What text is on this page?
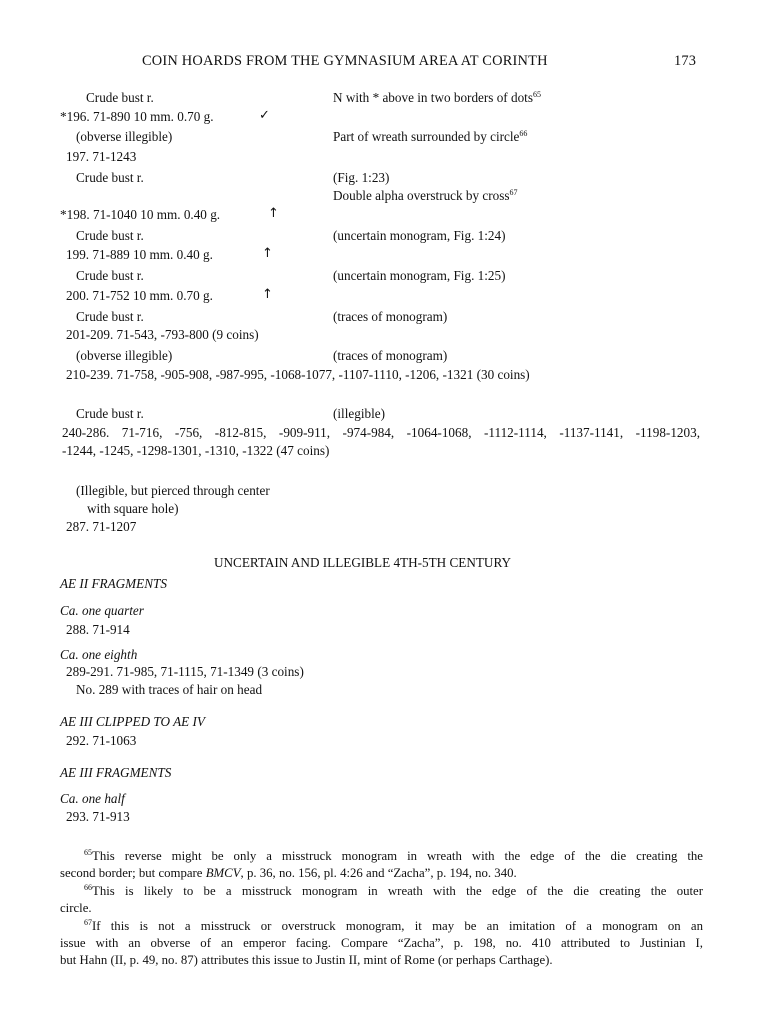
COIN HOARDS FROM THE GYMNASIUM AREA AT CORINTH	173
Crude bust r.	N with * above in two borders of dots$^{65}$
*196. 71-890 10 mm. 0.70 g.	✓
(obverse illegible)	Part of wreath surrounded by circle$^{66}$
197. 71-1243
Crude bust r.	(Fig. 1:23)
Double alpha overstruck by cross$^{67}$
*198. 71-1040 10 mm. 0.40 g.	↑
Crude bust r.	(uncertain monogram, Fig. 1:24)
199. 71-889 10 mm. 0.40 g.	↑
Crude bust r.	(uncertain monogram, Fig. 1:25)
200. 71-752 10 mm. 0.70 g.	↑
Crude bust r.	(traces of monogram)
201-209. 71-543, -793-800 (9 coins)
(obverse illegible)	(traces of monogram)
210-239. 71-758, -905-908, -987-995, -1068-1077, -1107-1110, -1206, -1321 (30 coins)
Crude bust r.	(illegible)
240-286. 71-716, -756, -812-815, -909-911, -974-984, -1064-1068, -1112-1114, -1137-1141, -1198-1203,
-1244, -1245, -1298-1301, -1310, -1322 (47 coins)
(Illegible, but pierced through center
with square hole)
287. 71-1207
UNCERTAIN AND ILLEGIBLE 4TH-5TH CENTURY
AE II FRAGMENTS
Ca. one quarter
288. 71-914
Ca. one eighth
289-291. 71-985, 71-1115, 71-1349 (3 coins)
No. 289 with traces of hair on head
AE III CLIPPED TO AE IV
292. 71-1063
AE III FRAGMENTS
Ca. one half
293. 71-913
$^{65}$This reverse might be only a misstruck monogram in wreath with the edge of the die creating the
second border; but compare BMCV, p. 36, no. 156, pl. 4:26 and “Zacha”, p. 194, no. 340.
$^{66}$This is likely to be a misstruck monogram in wreath with the edge of the die creating the outer
circle.
$^{67}$If this is not a misstruck or overstruck monogram, it may be an imitation of a monogram on an
issue with an obverse of an emperor facing. Compare “Zacha”, p. 198, no. 410 attributed to Justinian I,
but Hahn (II, p. 49, no. 87) attributes this issue to Justin II, mint of Rome (or perhaps Carthage).
